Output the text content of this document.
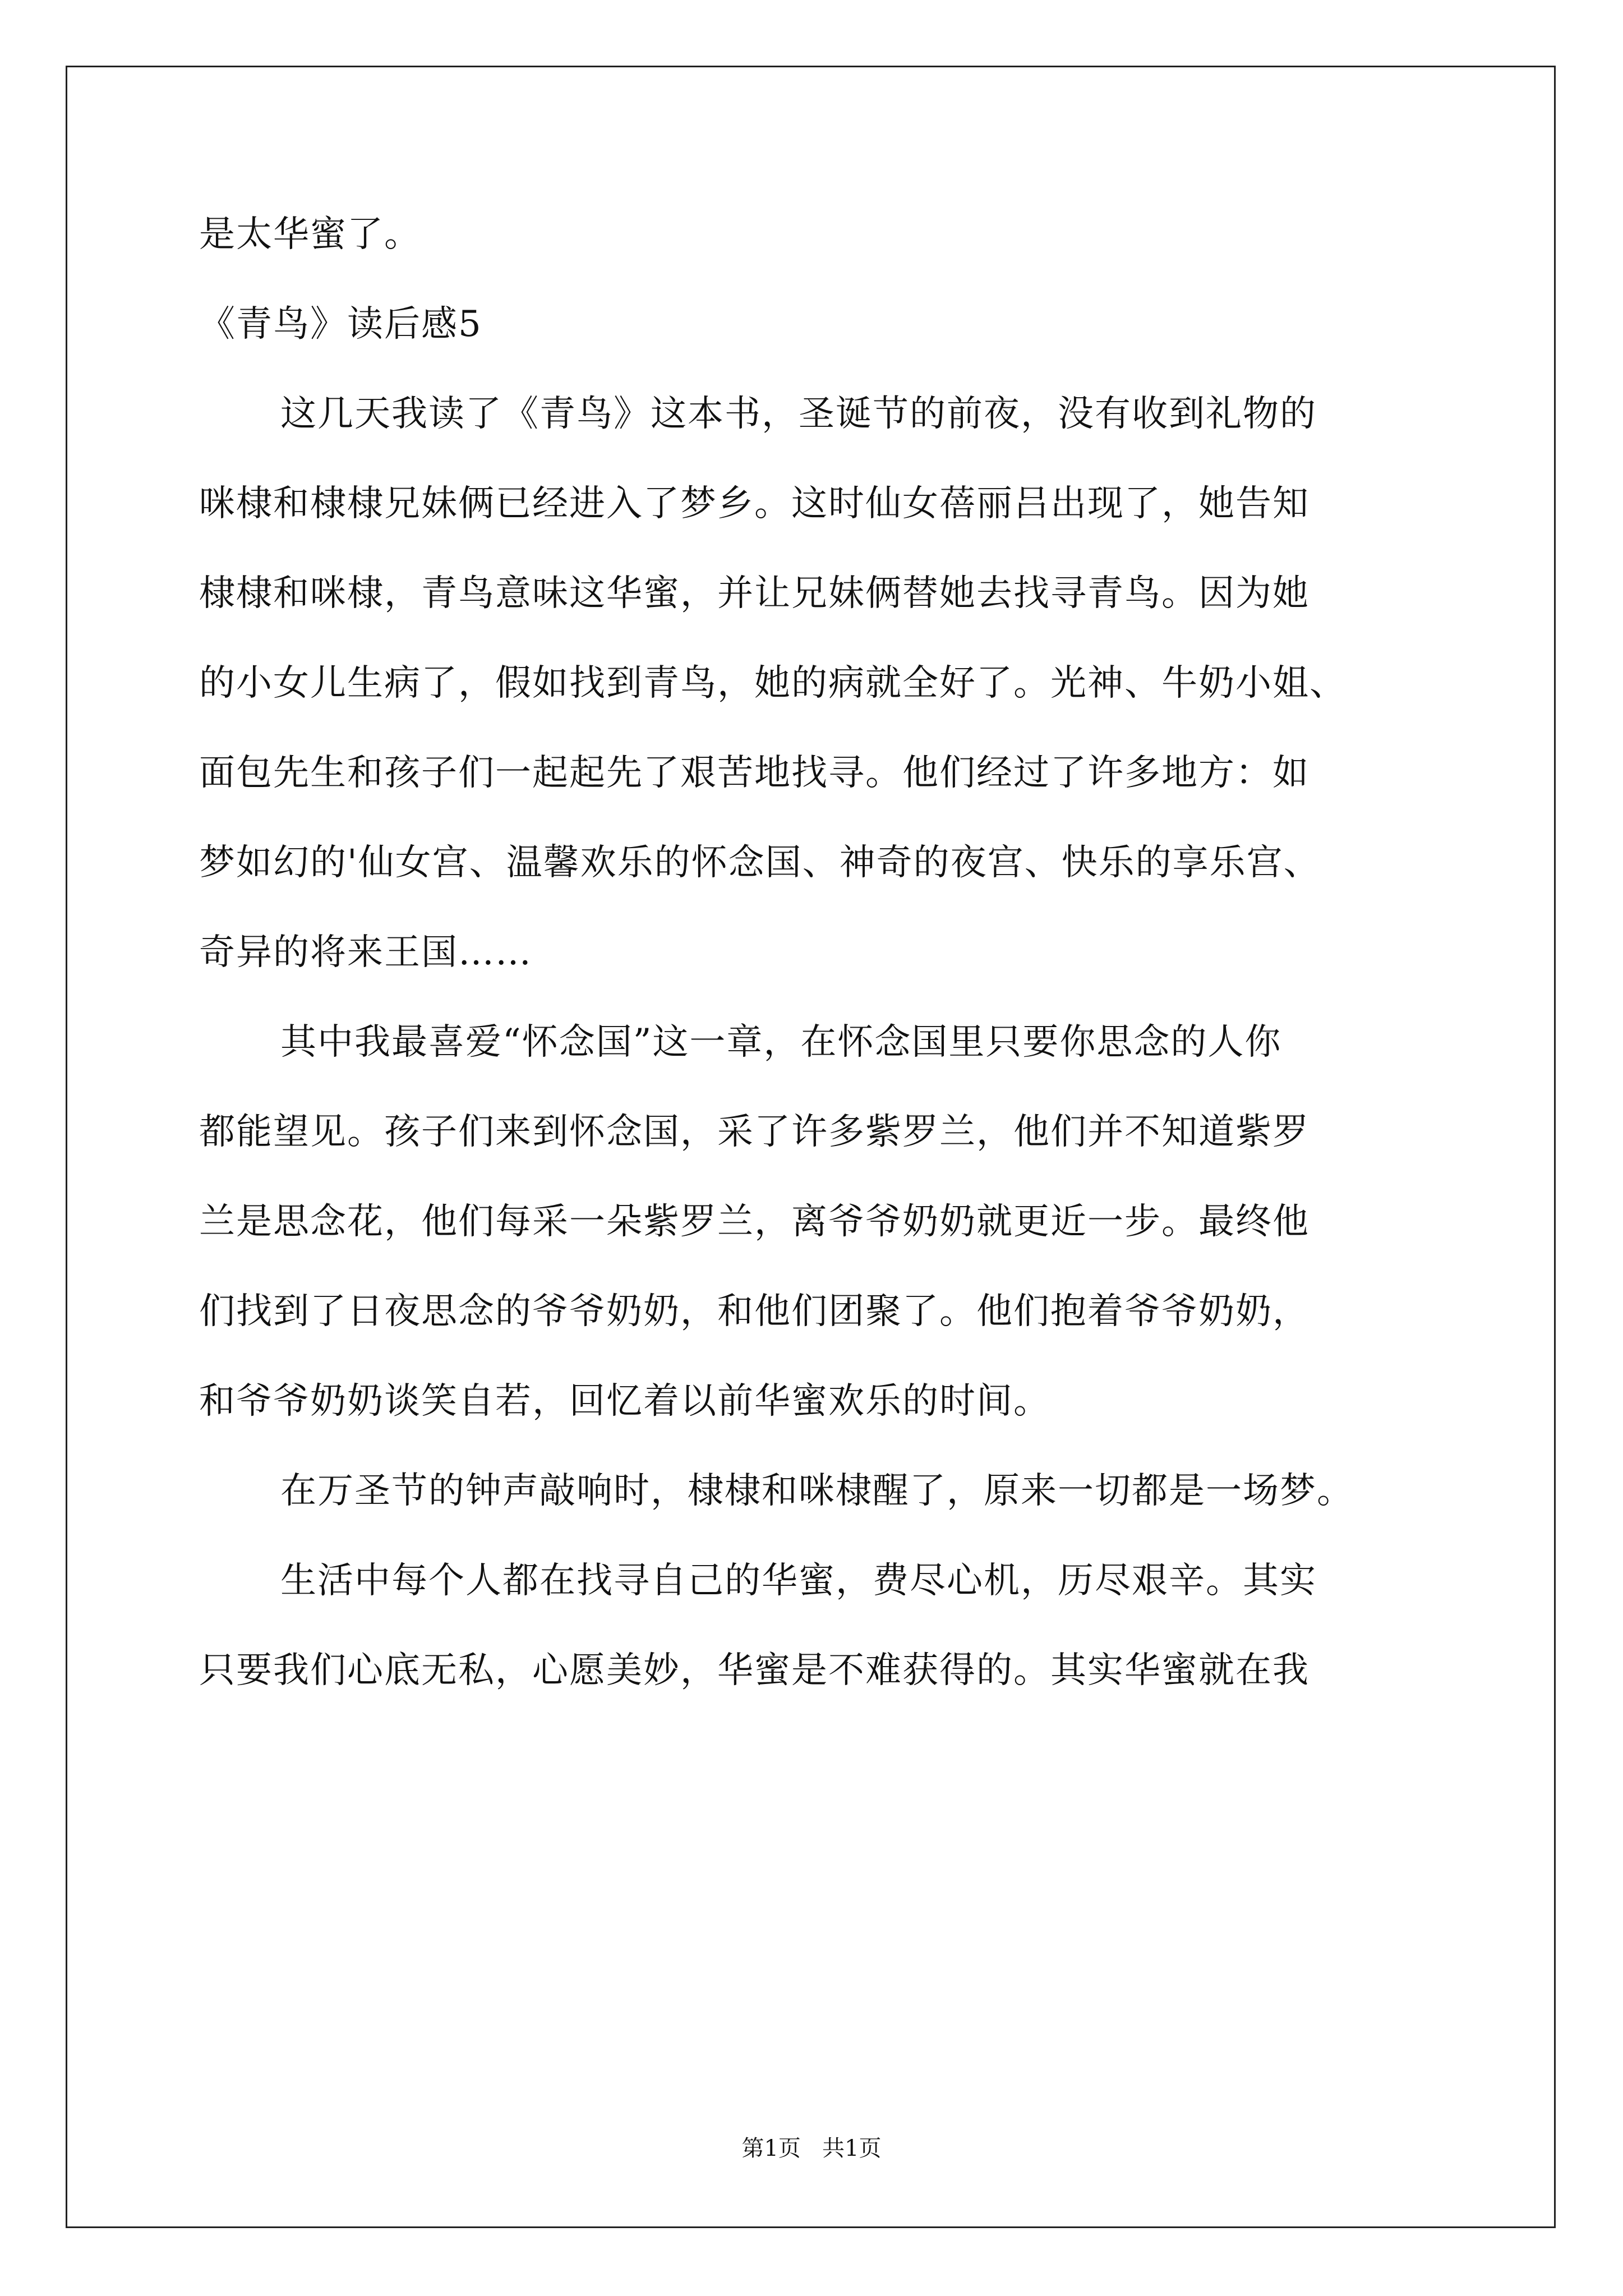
是太华蜜了。
《青鸟》读后感5
这几天我读了《青鸟》这本书，圣诞节的前夜，没有收到礼物的
咪棣和棣棣兄妹俩已经进入了梦乡。这时仙女蓓丽吕出现了，她告知
棣棣和咪棣，青鸟意味这华蜜，并让兄妹俩替她去找寻青鸟。因为她
的小女儿生病了，假如找到青鸟，她的病就全好了。光神、牛奶小姐、
面包先生和孩子们一起起先了艰苦地找寻。他们经过了许多地方：如
梦如幻的'仙女宫、温馨欢乐的怀念国、神奇的夜宫、快乐的享乐宫、
奇异的将来王国……
其中我最喜爱“怀念国”这一章，在怀念国里只要你思念的人你
都能望见。孩子们来到怀念国，采了许多紫罗兰，他们并不知道紫罗
兰是思念花，他们每采一朵紫罗兰，离爷爷奶奶就更近一步。最终他
们找到了日夜思念的爷爷奶奶，和他们团聚了。他们抱着爷爷奶奶，
和爷爷奶奶谈笑自若，回忆着以前华蜜欢乐的时间。
在万圣节的钟声敲响时，棣棣和咪棣醒了，原来一切都是一场梦。
生活中每个人都在找寻自己的华蜜，费尽心机，历尽艰辛。其实
只要我们心底无私，心愿美妙，华蜜是不难获得的。其实华蜜就在我
第1页   共1页
